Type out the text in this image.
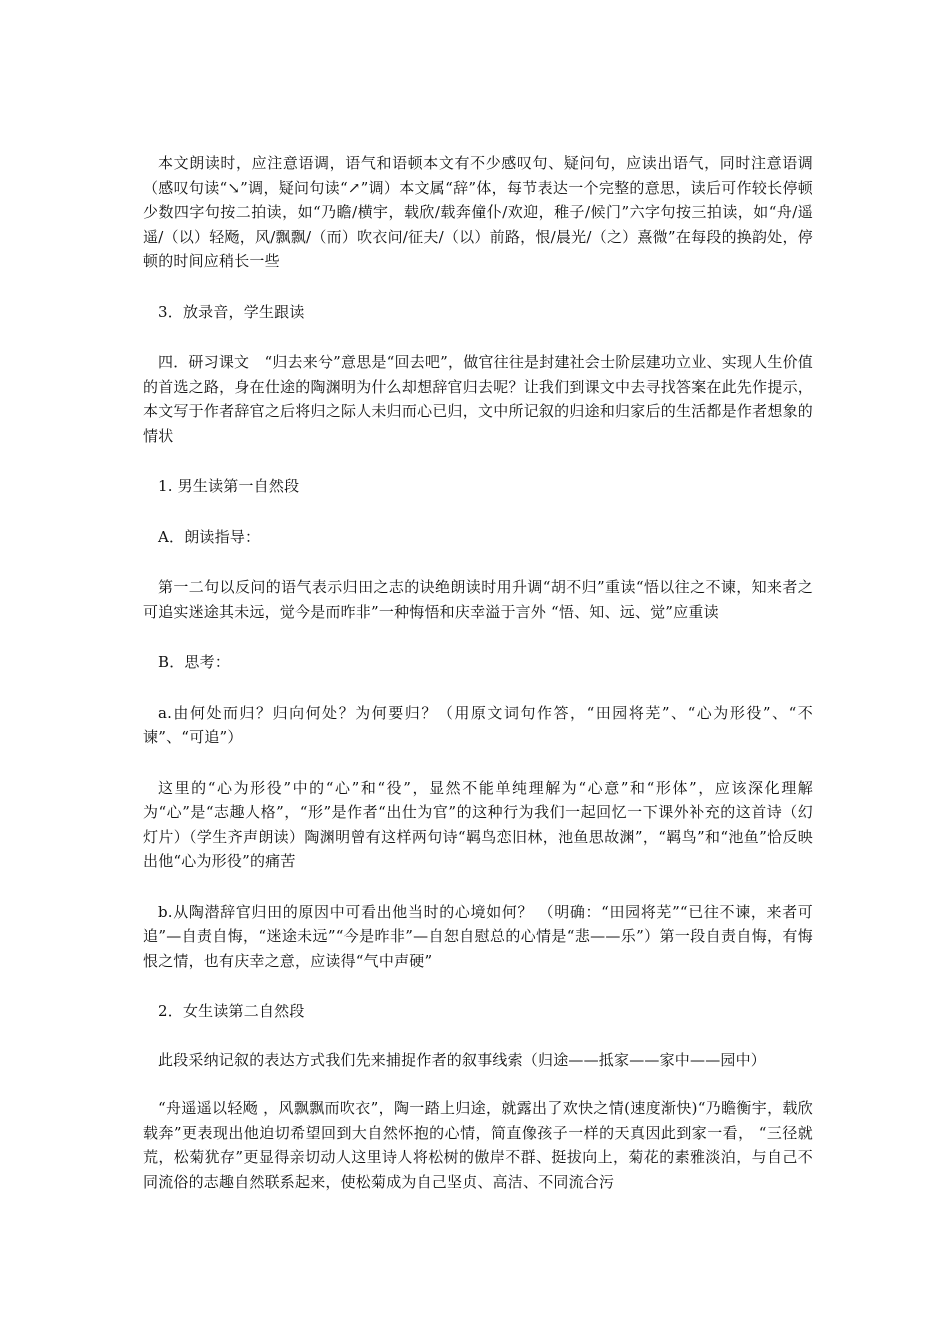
本文朗读时，应注意语调，语气和语顿本文有不少感叹句、疑问句，应读出语气，同时注意语调（感叹句读“↘”调，疑问句读“↗”调）本文属“辞”体，每节表达一个完整的意思，读后可作较长停顿少数四字句按二拍读，如“乃瞻/横宇，载欣/载奔僮仆/欢迎，稚子/候门”六字句按三拍读，如“舟/遥遥/（以）轻飏，风/飘飘/（而）吹衣问/征夫/（以）前路，恨/晨光/（之）熹微”在每段的换韵处，停顿的时间应稍长一些

3．放录音，学生跟读

四．研习课文　“归去来兮”意思是“回去吧”，做官往往是封建社会士阶层建功立业、实现人生价值的首选之路，身在仕途的陶渊明为什么却想辞官归去呢？让我们到课文中去寻找答案在此先作提示，本文写于作者辞官之后将归之际人未归而心已归，文中所记叙的归途和归家后的生活都是作者想象的情状

1. 男生读第一自然段

A．朗读指导：

第一二句以反问的语气表示归田之志的诀绝朗读时用升调“胡不归”重读“悟以往之不谏，知来者之可追实迷途其未远，觉今是而昨非”一种悔悟和庆幸溢于言外 “悟、知、远、觉”应重读

B．思考：

a.由何处而归？归向何处？为何要归？（用原文词句作答，“田园将芜”、“心为形役”、“不谏”、“可追”）

这里的“心为形役”中的“心”和“役”，显然不能单纯理解为“心意”和“形体”，应该深化理解为“心”是“志趣人格”，“形”是作者“出仕为官”的这种行为我们一起回忆一下课外补充的这首诗（幻灯片）（学生齐声朗读）陶渊明曾有这样两句诗“羁鸟恋旧林，池鱼思故渊”，“羁鸟”和“池鱼”恰反映出他“心为形役”的痛苦

b.从陶潜辞官归田的原因中可看出他当时的心境如何？ （明确：“田园将芜”“已往不谏，来者可追”—自责自悔，“迷途未远”“今是昨非”—自恕自慰总的心情是“悲——乐”）第一段自责自悔，有悔恨之情，也有庆幸之意，应读得“气中声硬”

2．女生读第二自然段

此段采纳记叙的表达方式我们先来捕捉作者的叙事线索（归途——抵家——家中——园中）

“舟遥遥以轻飏 ，风飘飘而吹衣”，陶一踏上归途，就露出了欢快之情(速度渐快)“乃瞻衡宇，载欣载奔”更表现出他迫切希望回到大自然怀抱的心情，简直像孩子一样的天真因此到家一看， “三径就荒，松菊犹存”更显得亲切动人这里诗人将松树的傲岸不群、挺拔向上，菊花的素雅淡泊，与自己不同流俗的志趣自然联系起来，使松菊成为自己坚贞、高洁、不同流合污
